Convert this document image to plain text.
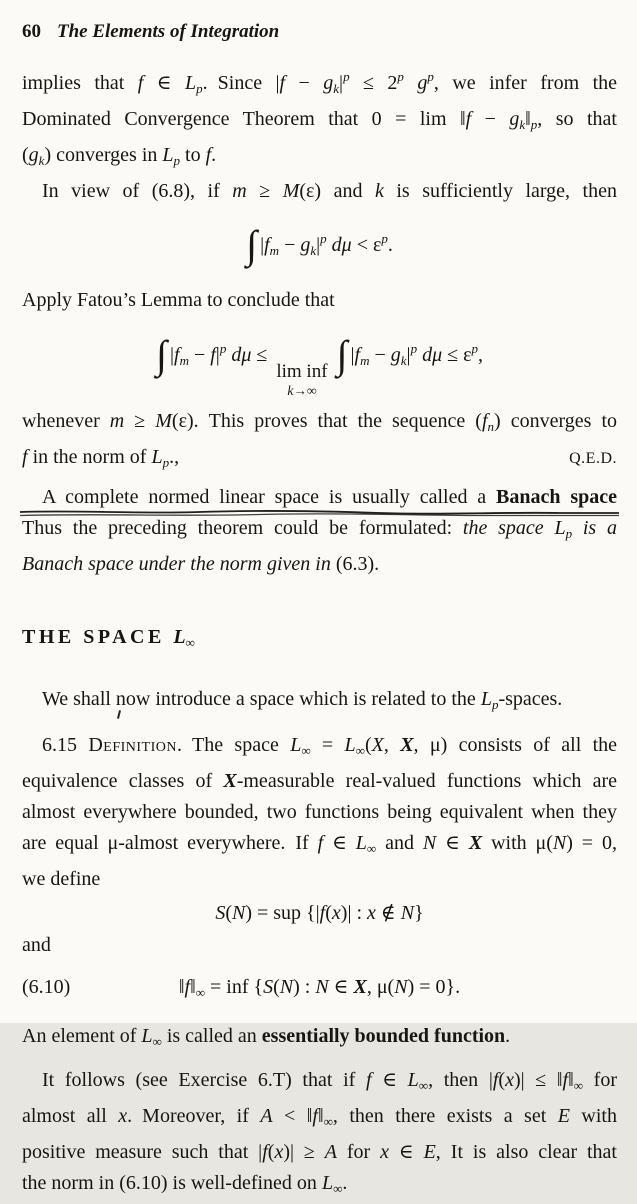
60 The Elements of Integration
implies that f ∈ $L_p$. Since $|f - g_k|^p \le 2^p$ $g^p$, we infer from the
Dominated Convergence Theorem that 0 = lim ‖f − $g_k‖_p$, so that
$(g_k)$ converges in $L_p$ to f.
In view of (6.8), if m ≥ M(ε) and k is sufficiently large, then
∫ $|f_m - g_k|^p$ $d\mu < \varepsilon^p$.
Apply Fatou’s Lemma to conclude that
∫ $|f_m - f|^p$ dμ ≤
lim inf
k→∞
∫ $|f_m - g_k|^p$ $d\mu \le \varepsilon^p$,
whenever m ≥ M(ε). This proves that the sequence $(f_n)$ converges to
f in the norm of $L_p$.,	Q.E.D.
A complete normed linear space is usually called a Banach space
Thus the preceding theorem could be formulated: the space $L_p$ is a
Banach space under the norm given in (6.3).
THE SPACE $L_\infty$
We shall now introduce a space which is related to the $L_p$-spaces.
6.15 Definition. The space $L_\infty = L_\infty(X$, X, μ) consists of all the
equivalence classes of X-measurable real-valued functions which are
almost everywhere bounded, two functions being equivalent when they
are equal μ-almost everywhere. If f ∈ $L_\infty$ and N ∈ X with μ(N) = 0,
we define
S(N) = sup {|f(x)| : x ∉ N}
and
(6.10)	$‖f‖_\infty$ = inf {S(N) : N ∈ X, μ(N) = 0}.
An element of $L_\infty$ is called an essentially bounded function.
It follows (see Exercise 6.T) that if f ∈ $L_\infty$, then $|f(x)| \le ‖f‖_\infty$ for
almost all x. Moreover, if $A < ‖f‖_\infty$, then there exists a set E with
positive measure such that |f(x)| ≥ A for x ∈ E, It is also clear that
the norm in (6.10) is well-defined on $L_\infty$.
